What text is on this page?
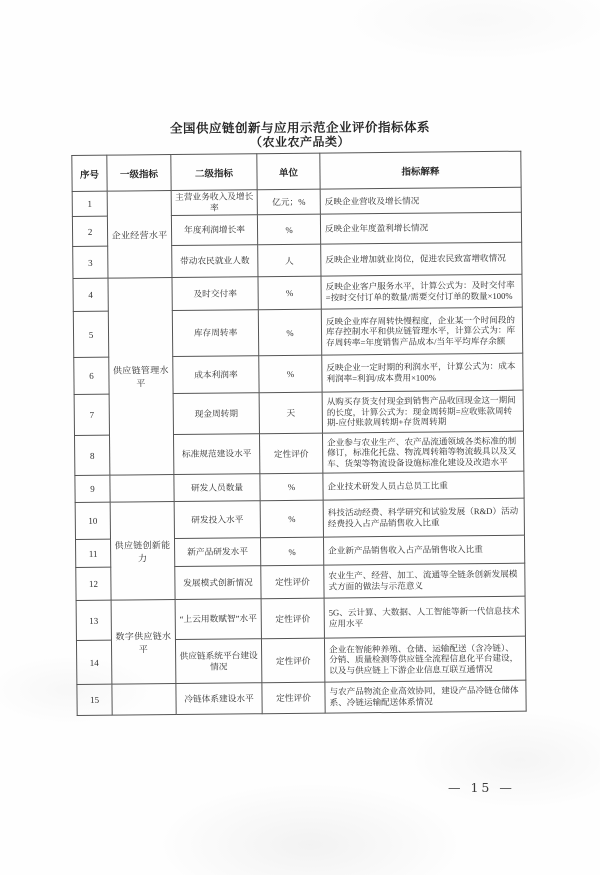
全国供应链创新与应用示范企业评价指标体系
（农业农产品类）
序号	一级指标	二级指标	单位	指标解释
1	企业经营水平	主营业务收入及增长率	亿元；%	反映企业营收及增长情况
2		年度利润增长率	%	反映企业年度盈利增长情况
3		带动农民就业人数	人	反映企业增加就业岗位，促进农民致富增收情况
4	供应链管理水平	及时交付率	%	反映企业客户服务水平，计算公式为：及时交付率=按时交付订单的数量/需要交付订单的数量×100%
5		库存周转率	%	反映企业库存周转快慢程度，企业某一个时间段的库存控制水平和供应链管理水平，计算公式为：库存周转率=年度销售产品成本/当年平均库存余额
6		成本利润率	%	反映企业一定时期的利润水平，计算公式为：成本利润率=利润/成本费用×100%
7		现金周转期	天	从购买存货支付现金到销售产品收回现金这一期间的长度，计算公式为：现金周转期=应收账款周转期-应付账款周转期+存货周转期
8		标准规范建设水平	定性评价	企业参与农业生产、农产品流通领域各类标准的制修订，标准化托盘、物流周转箱等物流载具以及叉车、货架等物流设备设施标准化建设及改造水平
9		研发人员数量	%	企业技术研发人员占总员工比重
10	供应链创新能力	研发投入水平	%	科技活动经费、科学研究和试验发展（R&D）活动经费投入占产品销售收入比重
11		新产品研发水平	%	企业新产品销售收入占产品销售收入比重
12		发展模式创新情况	定性评价	农业生产、经营、加工、流通等全链条创新发展模式方面的做法与示范意义
13	数字供应链水平	“上云用数赋智”水平	定性评价	5G、云计算、大数据、人工智能等新一代信息技术应用水平
14		供应链系统平台建设情况	定性评价	企业在智能种养殖、仓储、运输配送（含冷链）、分销、质量检测等供应链全流程信息化平台建设，以及与供应链上下游企业信息互联互通情况
15		冷链体系建设水平	定性评价	与农产品物流企业高效协同，建设产品冷链仓储体系、冷链运输配送体系情况
— 15 —
